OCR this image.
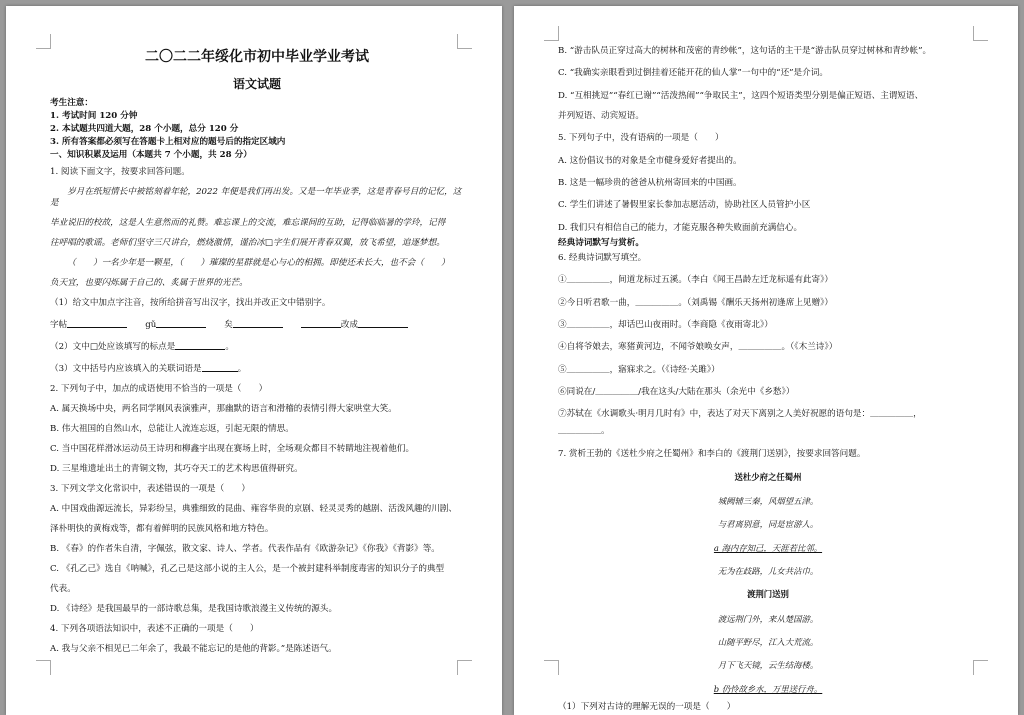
二〇二二年绥化市初中毕业学业考试
语文试题

考生注意：

1. 考试时间 120 分钟

2. 本试题共四道大题，28 个小题，总分 120 分

3. 所有答案都必须写在答题卡上相对应的题号后的指定区域内

一、知识积累及运用（本题共 7 个小题，共 28 分）

1. 阅读下面文字，按要求回答问题。

岁月在纸短情长中被铭刻着年轮，2022 年便是我们再出发。又是一年毕业季，这是青春号目的记忆，这是

毕业说旧的校故，这是人生意然而的礼赞。难忘课上的交流，难忘课间的互助，记得临临暑的学玲，记得

往呼唱的歌谣。老师们坚守三尺讲台，燃烧激情，谨治冰□字生们展开青春双翼，放飞希望，追逐梦想。

（　　）一名少年是一颗星，（　　）璀璨的星群就是心与心的相拥。即使还未长大，也不会（　　）

负天宜，也要闪烁属于自己的、炙属于世界的光芒。

（1）给文中加点字注音，按所给拼音写出汉字，找出并改正文中错别字。

字帖	gǔ	矣	改成

（2）文中□处应该填写的标点是	。

（3）文中括号内应该填入的关联词语是	。

2. 下列句子中，加点的成语使用不恰当的一项是（　　）

A. 属天换场中央，两名同学刚风表演雅声，那幽默的语言和滑稽的表情引得大家哄堂大笑。

B. 伟大祖国的自然山水，总能让人流连忘返，引起无限的情思。

C. 当中国花样滑冰运动员王诗玥和柳鑫宇出现在赛场上时，全场观众都目不转睛地注视着他们。

D. 三星堆遗址出土的青铜文物，其巧夺天工的艺术构思值得研究。

3. 下列文学文化常识中，表述错误的一项是（　　）

A. 中国戏曲源远流长，异彩纷呈，典雅细致的昆曲、雍容华贵的京剧、轻灵灵秀的越剧、活泼风趣的川剧、

泽朴明快的黄梅戏等，都有着鲜明的民族风格和地方特色。

B. 《春》的作者朱自清，字佩弦，散文家、诗人、学者。代表作品有《欧游杂记》《你我》《背影》等。

C. 《孔乙己》选自《呐喊》，孔乙己是这部小说的主人公，是一个被封建科举制度毒害的知识分子的典型

代表。

D. 《诗经》是我国最早的一部诗歌总集，是我国诗歌浪漫主义传统的源头。

4. 下列各项语法知识中，表述不正确的一项是（　　）

A. 我与父亲不相见已二年余了，我最不能忘记的是他的背影。”是陈述语气。

B. “游击队员正穿过高大的树林和茂密的青纱帐”，这句话的主干是“游击队员穿过树林和青纱帐”。

C. “我确实亲眼看到过倒挂着还能开花的仙人掌”一句中的“还”是介词。

D. “互相挑逗”“春红已谢”“活泼热闹”“争取民主”，这四个短语类型分别是偏正短语、主谓短语、

并列短语、动宾短语。

5. 下列句子中，没有语病的一项是（　　）

A. 这份倡议书的对象是全市健身爱好者提出的。

B. 这是一幅珍贵的爸爸从杭州寄回来的中国画。

C. 学生们讲述了暑假里家长参加志愿活动，协助社区人员管护小区

D. 我们只有相信自己的能力，才能克服各种失败面前充满信心。

经典诗词默写与赏析。

6. 经典诗词默写填空。

①＿＿＿＿＿，间道龙标过五溪。（李白《闻王昌龄左迁龙标遥有此寄》）

②今日听君歌一曲，＿＿＿＿＿。（刘禹锡《酬乐天扬州初逢席上见赠》）

③＿＿＿＿＿，却话巴山夜雨时。（李商隐《夜雨寄北》）

④自将爷娘去，寒猪黄河边，不闻爷娘唤女声，＿＿＿＿＿。（《木兰诗》）

⑤＿＿＿＿＿，寤寐求之。（《诗经·关雎》）

⑥同说在/＿＿＿＿＿/我在这头/大陆在那头（余光中《乡愁》）

⑦苏轼在《水调歌头·明月几时有》中，表达了对天下离别之人美好祝愿的语句是：＿＿＿＿＿，

＿＿＿＿＿。

7. 赏析王勃的《送杜少府之任蜀州》和李白的《渡荆门送别》，按要求回答问题。

送杜少府之任蜀州
城阙辅三秦，风烟望五津。
与君离别意，同是宦游人。
a 海内存知己，天涯若比邻。
无为在歧路，儿女共沾巾。
渡荆门送别
渡远荆门外，来从楚国游。
山随平野尽，江入大荒流。
月下飞天镜，云生结海楼。
b 仍怜故乡水，万里送行舟。

（1）下列对古诗的理解无误的一项是（　　）
